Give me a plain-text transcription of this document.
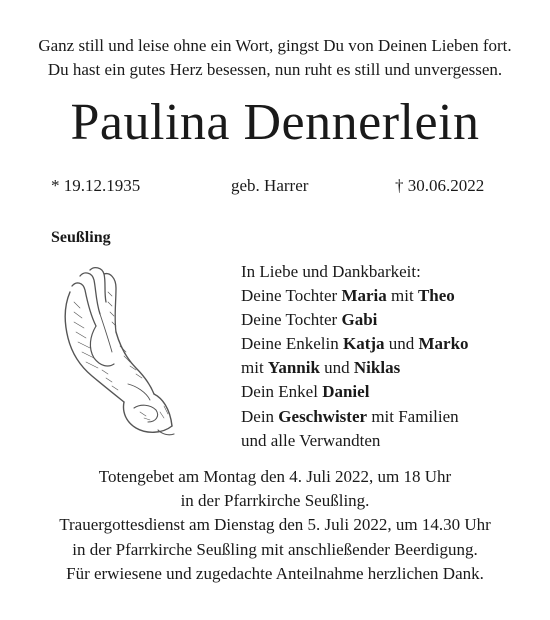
Ganz still und leise ohne ein Wort, gingst Du von Deinen Lieben fort.
Du hast ein gutes Herz besessen, nun ruht es still und unvergessen.
Paulina Dennerlein
* 19.12.1935	geb. Harrer	† 30.06.2022
Seußling
In Liebe und Dankbarkeit:
Deine Tochter Maria mit Theo
Deine Tochter Gabi
Deine Enkelin Katja und Marko
mit Yannik und Niklas
Dein Enkel Daniel
Dein Geschwister mit Familien
und alle Verwandten
Totengebet am Montag den 4. Juli 2022, um 18 Uhr
in der Pfarrkirche Seußling.
Trauergottesdienst am Dienstag den 5. Juli 2022, um 14.30 Uhr
in der Pfarrkirche Seußling mit anschließender Beerdigung.
Für erwiesene und zugedachte Anteilnahme herzlichen Dank.
